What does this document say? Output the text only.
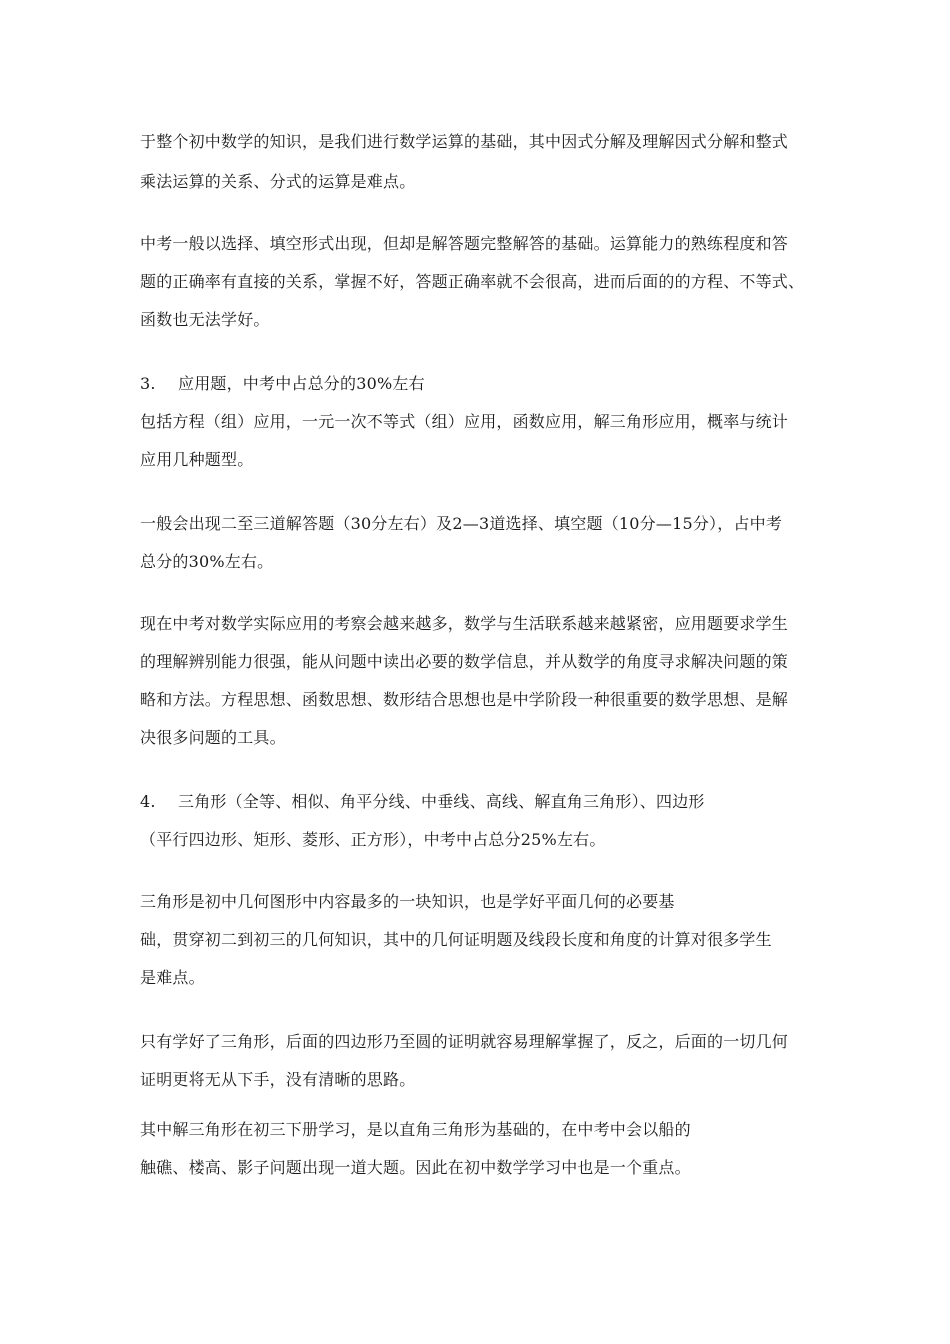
于整个初中数学的知识，是我们进行数学运算的基础，其中因式分解及理解因式分解和整式
乘法运算的关系、分式的运算是难点。
中考一般以选择、填空形式出现，但却是解答题完整解答的基础。运算能力的熟练程度和答
题的正确率有直接的关系，掌握不好，答题正确率就不会很高，进而后面的的方程、不等式、
函数也无法学好。
3. 应用题，中考中占总分的30%左右
包括方程（组）应用，一元一次不等式（组）应用，函数应用，解三角形应用，概率与统计
应用几种题型。
一般会出现二至三道解答题（30分左右）及2—3道选择、填空题（10分—15分），占中考
总分的30%左右。
现在中考对数学实际应用的考察会越来越多，数学与生活联系越来越紧密，应用题要求学生
的理解辨别能力很强，能从问题中读出必要的数学信息，并从数学的角度寻求解决问题的策
略和方法。方程思想、函数思想、数形结合思想也是中学阶段一种很重要的数学思想、是解
决很多问题的工具。
4. 三角形（全等、相似、角平分线、中垂线、高线、解直角三角形）、四边形
（平行四边形、矩形、菱形、正方形），中考中占总分25%左右。
三角形是初中几何图形中内容最多的一块知识，也是学好平面几何的必要基
础，贯穿初二到初三的几何知识，其中的几何证明题及线段长度和角度的计算对很多学生
是难点。
只有学好了三角形，后面的四边形乃至圆的证明就容易理解掌握了，反之，后面的一切几何
证明更将无从下手，没有清晰的思路。
其中解三角形在初三下册学习，是以直角三角形为基础的，在中考中会以船的
触礁、楼高、影子问题出现一道大题。因此在初中数学学习中也是一个重点。
